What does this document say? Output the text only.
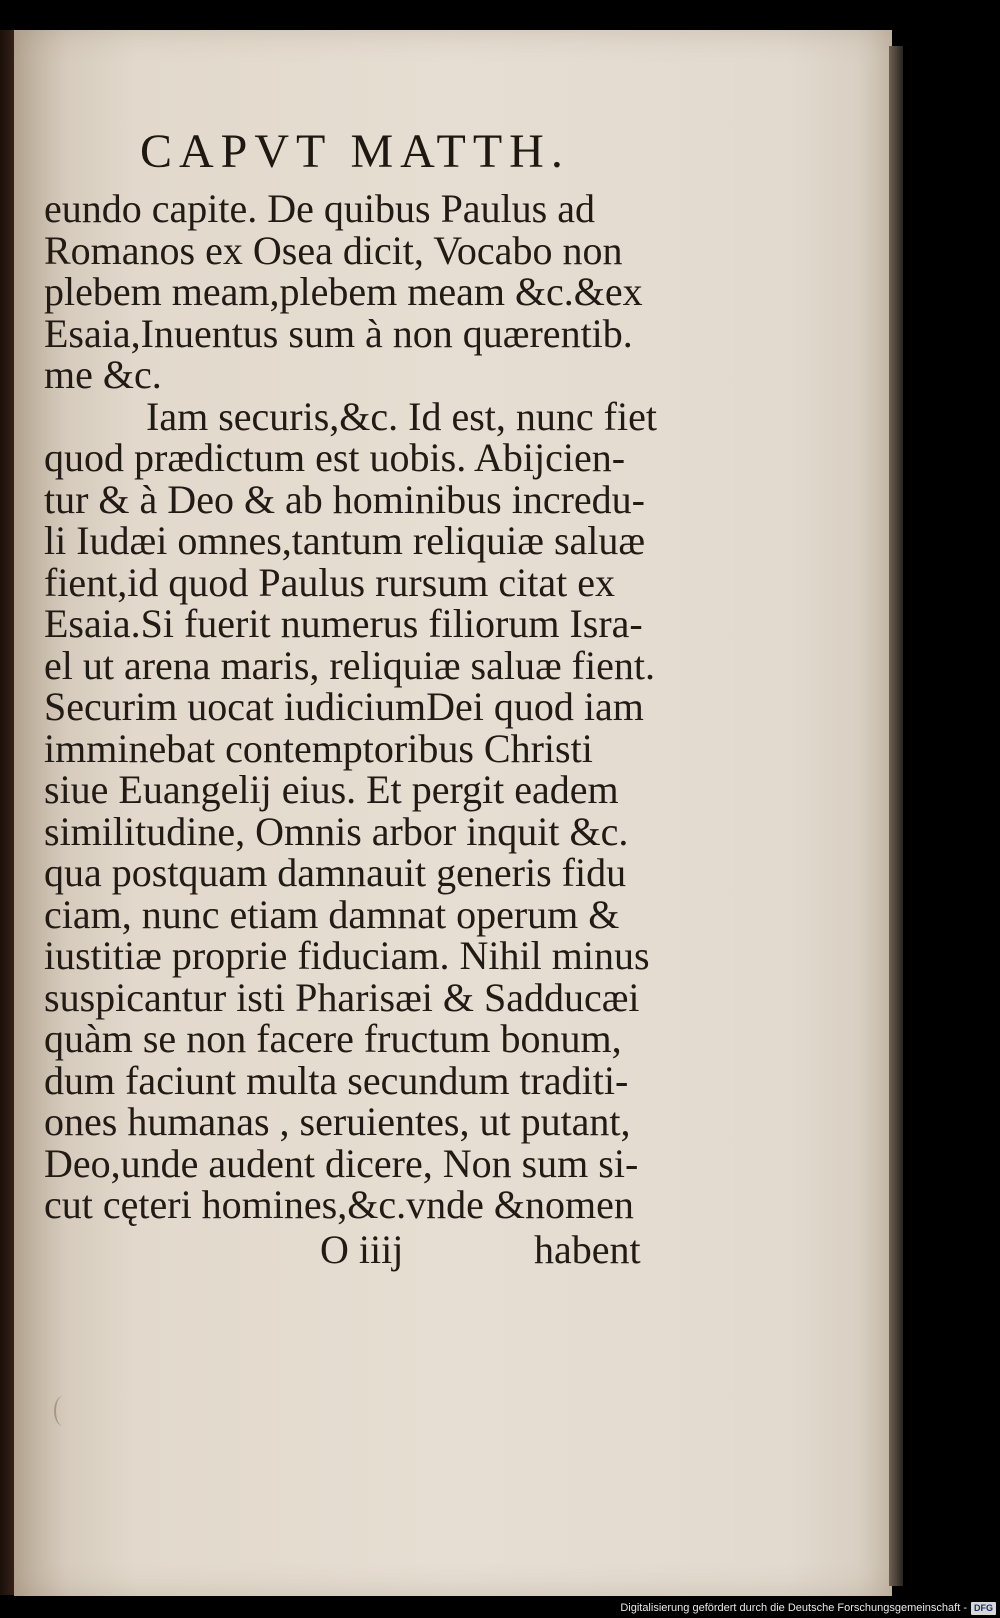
CAPVT MATTH.
eundo capite. De quibus Paulus ad
Romanos ex Osea dicit, Vocabo non
plebem meam,plebem meam &c.&ex
Esaia,Inuentus sum à non quærentib.
me &c.
Iam securis,&c. Id est, nunc fiet
quod prædictum est uobis. Abijcien-
tur & à Deo & ab hominibus incredu-
li Iudæi omnes,tantum reliquiæ saluæ
fient,id quod Paulus rursum citat ex
Esaia.Si fuerit numerus filiorum Isra-
el ut arena maris, reliquiæ saluæ fient.
Securim uocat iudiciumDei quod iam
imminebat contemptoribus Christi
siue Euangelij eius. Et pergit eadem
similitudine, Omnis arbor inquit &c.
qua postquam damnauit generis fidu
ciam, nunc etiam damnat operum &
iustitiæ proprie fiduciam. Nihil minus
suspicantur isti Pharisæi & Sadducæi
quàm se non facere fructum bonum,
dum faciunt multa secundum traditi-
ones humanas , seruientes, ut putant,
Deo,unde audent dicere, Non sum si-
cut cęteri homines,&c.vnde &nomen
O iiij	habent
Digitalisierung gefördert durch die Deutsche Forschungsgemeinschaft - DFG
